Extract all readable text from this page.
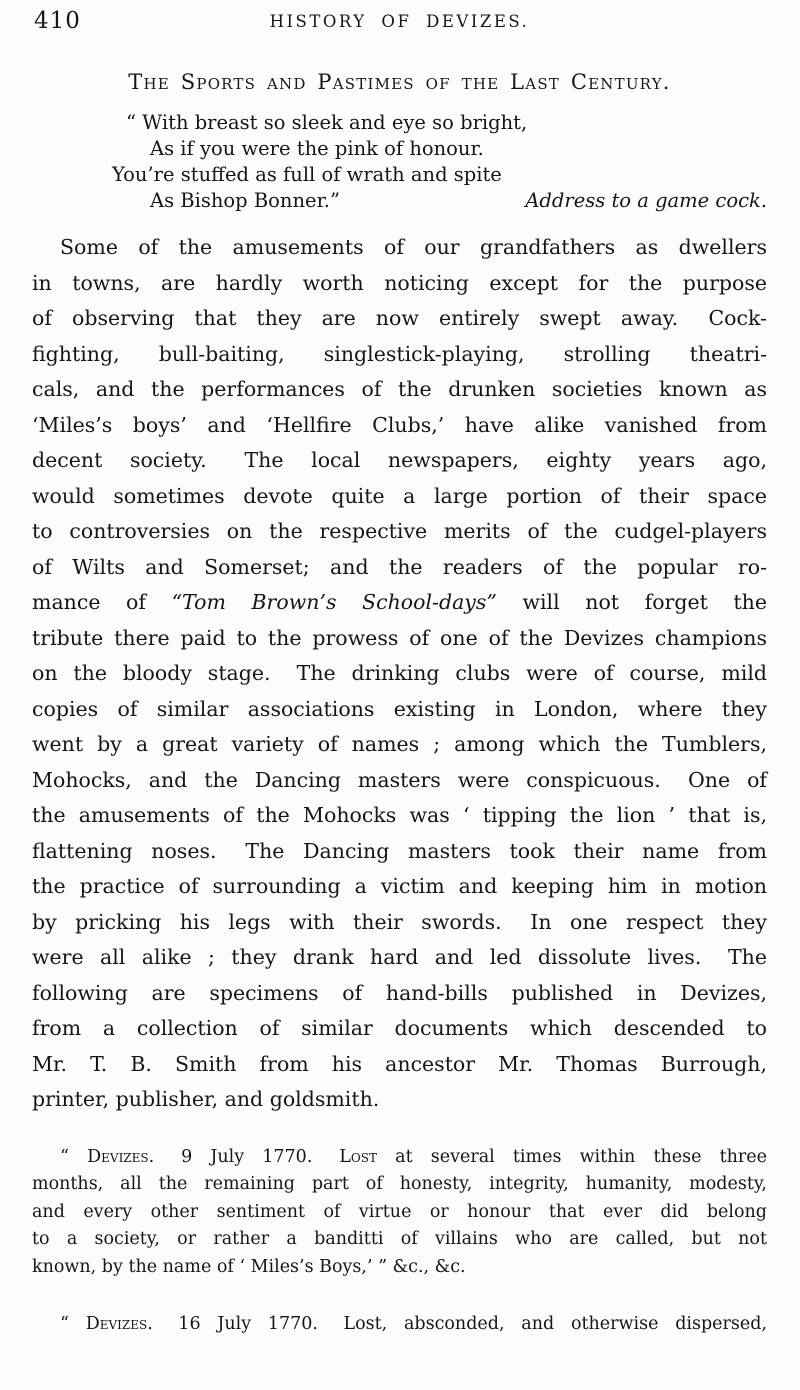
410	HISTORY OF DEVIZES.
The Sports and Pastimes of the Last Century.
“ With breast so sleek and eye so bright,
As if you were the pink of honour.
You’re stuffed as full of wrath and spite
As Bishop Bonner.”	Address to a game cock.
Some of the amusements of our grandfathers as dwellers
in towns, are hardly worth noticing except for the purpose
of observing that they are now entirely swept away.  Cock-
fighting, bull-baiting, singlestick-playing, strolling theatri-
cals, and the performances of the drunken societies known as
‘Miles’s boys’ and ‘Hellfire Clubs,’ have alike vanished from
decent society.  The local newspapers, eighty years ago,
would sometimes devote quite a large portion of their space
to controversies on the respective merits of the cudgel-players
of Wilts and Somerset; and the readers of the popular ro-
mance of “Tom Brown’s School-days” will not forget the
tribute there paid to the prowess of one of the Devizes champions
on the bloody stage.  The drinking clubs were of course, mild
copies of similar associations existing in London, where they
went by a great variety of names ; among which the Tumblers,
Mohocks, and the Dancing masters were conspicuous.  One of
the amusements of the Mohocks was ‘ tipping the lion ’ that is,
flattening noses.  The Dancing masters took their name from
the practice of surrounding a victim and keeping him in motion
by pricking his legs with their swords.  In one respect they
were all alike ; they drank hard and led dissolute lives.  The
following are specimens of hand-bills published in Devizes,
from a collection of similar documents which descended to
Mr. T. B. Smith from his ancestor Mr. Thomas Burrough,
printer, publisher, and goldsmith.
“ Devizes.  9 July 1770.  Lost at several times within these three
months, all the remaining part of honesty, integrity, humanity, modesty,
and every other sentiment of virtue or honour that ever did belong
to a society, or rather a banditti of villains who are called, but not
known, by the name of ‘ Miles’s Boys,’ ” &c., &c.
“ Devizes.  16 July 1770.  Lost, absconded, and otherwise dispersed,
